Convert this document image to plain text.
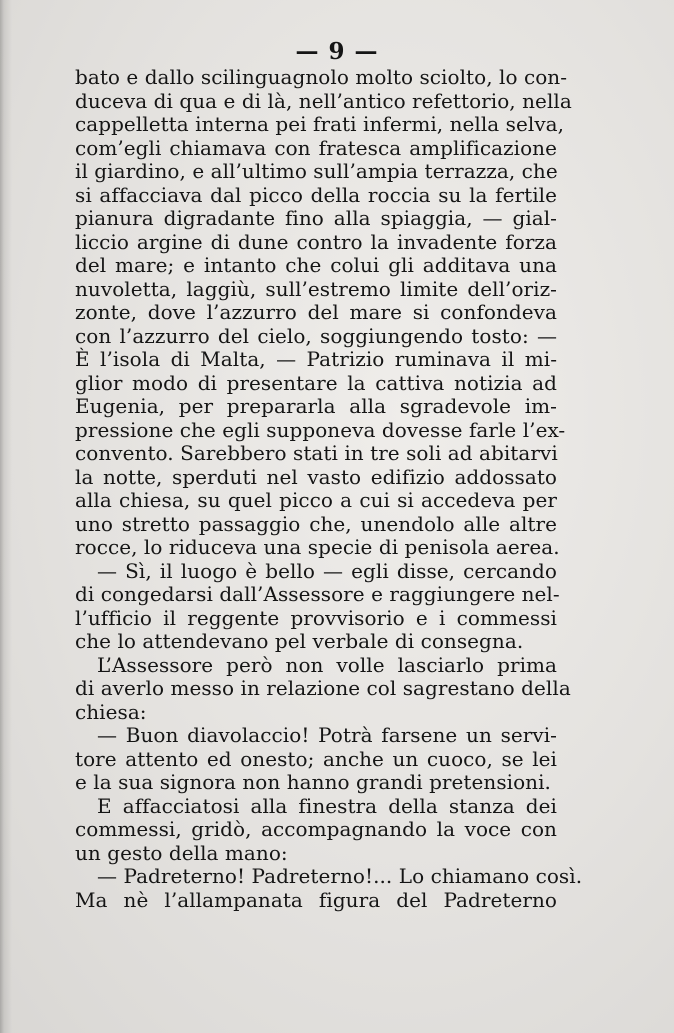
— 9 —
bato e dallo scilinguagnolo molto sciolto, lo con-
duceva di qua e di là, nell’antico refettorio, nella
cappelletta interna pei frati infermi, nella selva,
com’egli chiamava con fratesca amplificazione
il giardino, e all’ultimo sull’ampia terrazza, che
si affacciava dal picco della roccia su la fertile
pianura digradante fino alla spiaggia, — gial-
liccio argine di dune contro la invadente forza
del mare; e intanto che colui gli additava una
nuvoletta, laggiù, sull’estremo limite dell’oriz-
zonte, dove l’azzurro del mare si confondeva
con l’azzurro del cielo, soggiungendo tosto: —
È l’isola di Malta, — Patrizio ruminava il mi-
glior modo di presentare la cattiva notizia ad
Eugenia, per prepararla alla sgradevole im-
pressione che egli supponeva dovesse farle l’ex-
convento. Sarebbero stati in tre soli ad abitarvi
la notte, sperduti nel vasto edifizio addossato
alla chiesa, su quel picco a cui si accedeva per
uno stretto passaggio che, unendolo alle altre
rocce, lo riduceva una specie di penisola aerea.
— Sì, il luogo è bello — egli disse, cercando
di congedarsi dall’Assessore e raggiungere nel-
l’ufficio il reggente provvisorio e i commessi
che lo attendevano pel verbale di consegna.
L’Assessore però non volle lasciarlo prima
di averlo messo in relazione col sagrestano della
chiesa:
— Buon diavolaccio! Potrà farsene un servi-
tore attento ed onesto; anche un cuoco, se lei
e la sua signora non hanno grandi pretensioni.
E affacciatosi alla finestra della stanza dei
commessi, gridò, accompagnando la voce con
un gesto della mano:
— Padreterno! Padreterno!... Lo chiamano così.
Ma nè l’allampanata figura del Padreterno
